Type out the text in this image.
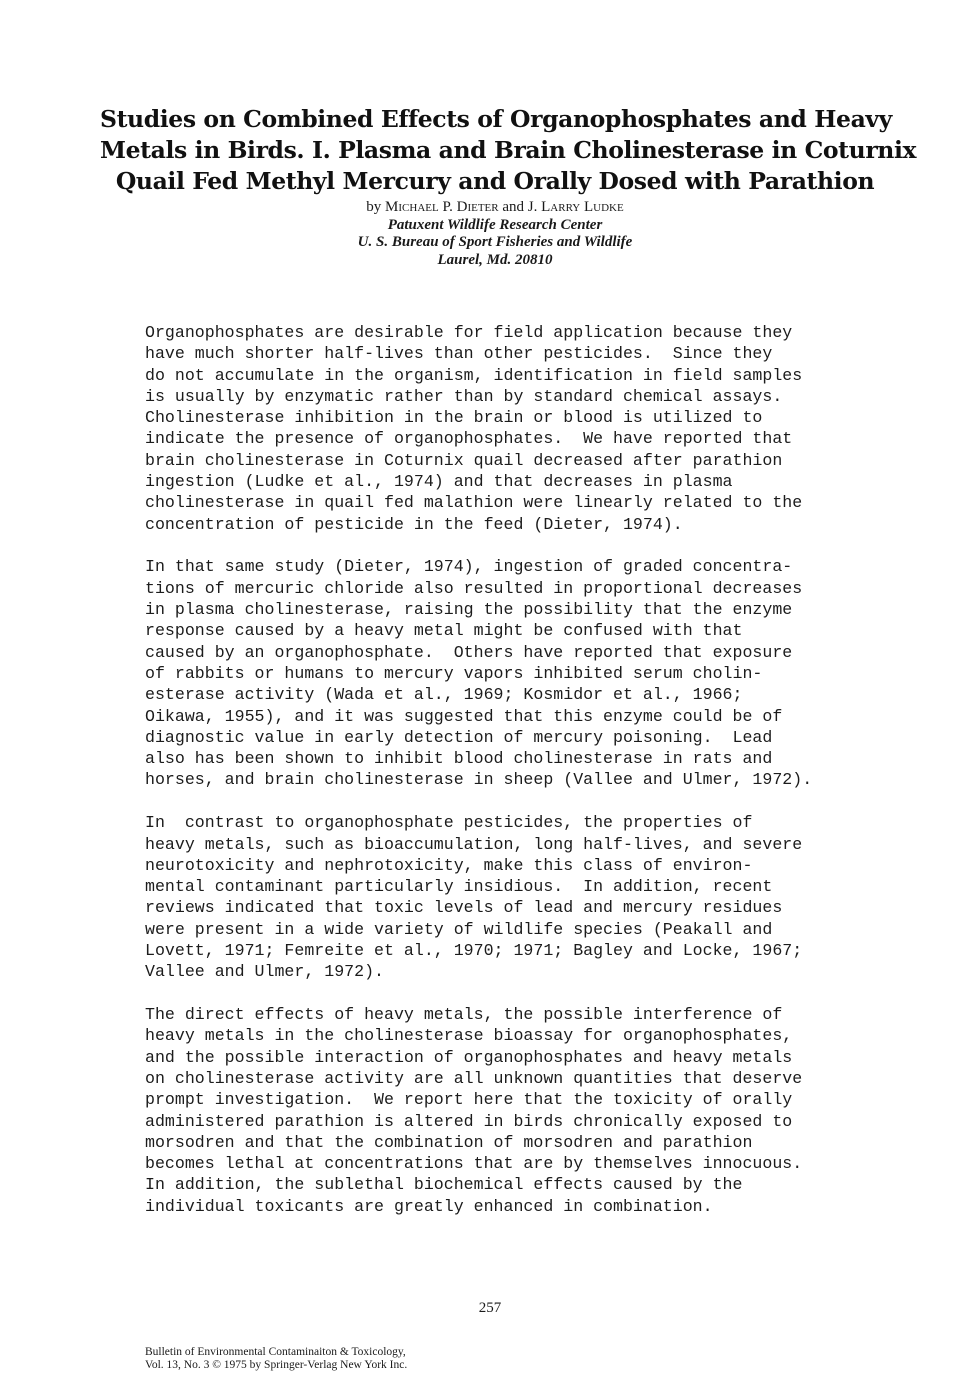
Studies on Combined Effects of Organophosphates and Heavy
Metals in Birds. I. Plasma and Brain Cholinesterase in Coturnix
Quail Fed Methyl Mercury and Orally Dosed with Parathion
by Michael P. Dieter and J. Larry Ludke
Patuxent Wildlife Research Center
U. S. Bureau of Sport Fisheries and Wildlife
Laurel, Md. 20810

Organophosphates are desirable for field application because they
have much shorter half-lives than other pesticides.  Since they
do not accumulate in the organism, identification in field samples
is usually by enzymatic rather than by standard chemical assays.
Cholinesterase inhibition in the brain or blood is utilized to
indicate the presence of organophosphates.  We have reported that
brain cholinesterase in Coturnix quail decreased after parathion
ingestion (Ludke et al., 1974) and that decreases in plasma
cholinesterase in quail fed malathion were linearly related to the
concentration of pesticide in the feed (Dieter, 1974).

In that same study (Dieter, 1974), ingestion of graded concentra-
tions of mercuric chloride also resulted in proportional decreases
in plasma cholinesterase, raising the possibility that the enzyme
response caused by a heavy metal might be confused with that
caused by an organophosphate.  Others have reported that exposure
of rabbits or humans to mercury vapors inhibited serum cholin-
esterase activity (Wada et al., 1969; Kosmidor et al., 1966;
Oikawa, 1955), and it was suggested that this enzyme could be of
diagnostic value in early detection of mercury poisoning.  Lead
also has been shown to inhibit blood cholinesterase in rats and
horses, and brain cholinesterase in sheep (Vallee and Ulmer, 1972).

In  contrast to organophosphate pesticides, the properties of
heavy metals, such as bioaccumulation, long half-lives, and severe
neurotoxicity and nephrotoxicity, make this class of environ-
mental contaminant particularly insidious.  In addition, recent
reviews indicated that toxic levels of lead and mercury residues
were present in a wide variety of wildlife species (Peakall and
Lovett, 1971; Femreite et al., 1970; 1971; Bagley and Locke, 1967;
Vallee and Ulmer, 1972).

The direct effects of heavy metals, the possible interference of
heavy metals in the cholinesterase bioassay for organophosphates,
and the possible interaction of organophosphates and heavy metals
on cholinesterase activity are all unknown quantities that deserve
prompt investigation.  We report here that the toxicity of orally
administered parathion is altered in birds chronically exposed to
morsodren and that the combination of morsodren and parathion
becomes lethal at concentrations that are by themselves innocuous.
In addition, the sublethal biochemical effects caused by the
individual toxicants are greatly enhanced in combination.

257
Bulletin of Environmental Contaminaiton & Toxicology,
Vol. 13, No. 3 © 1975 by Springer-Verlag New York Inc.
